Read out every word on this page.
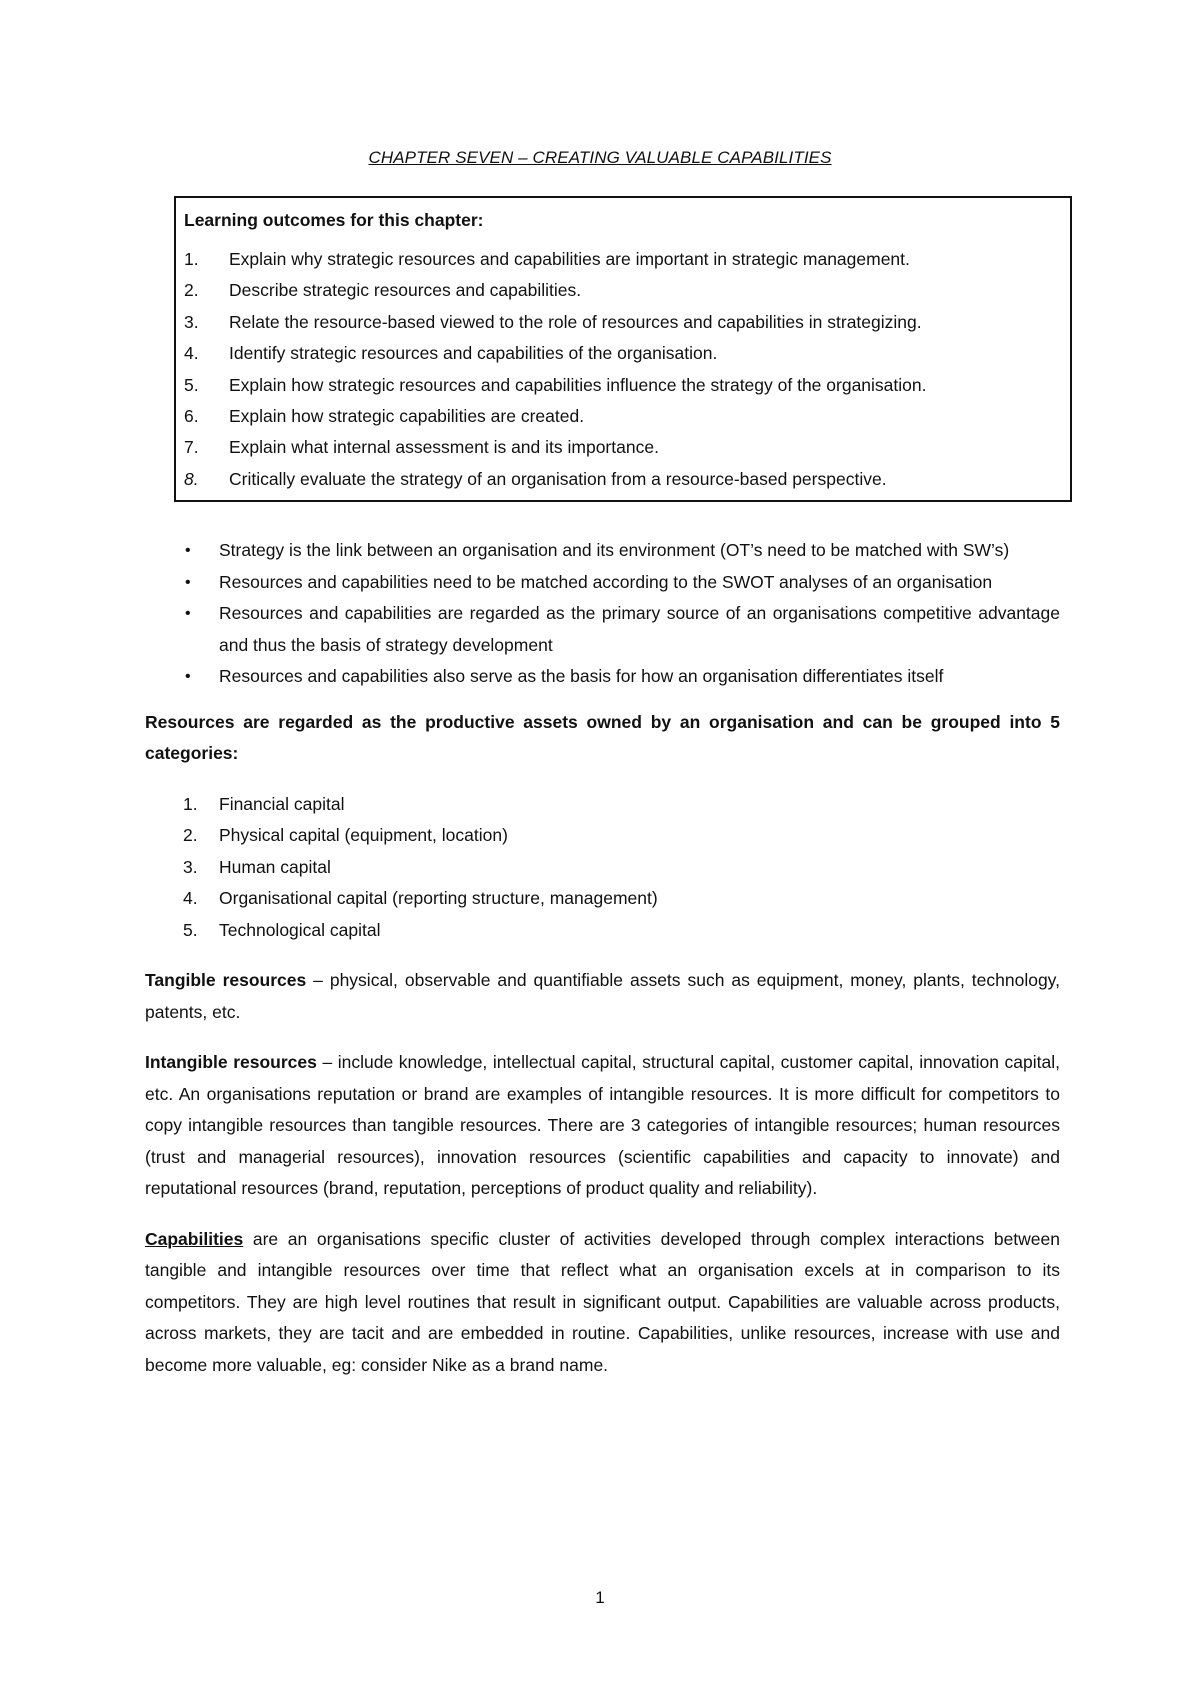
CHAPTER SEVEN – CREATING VALUABLE CAPABILITIES
Learning outcomes for this chapter:
1. Explain why strategic resources and capabilities are important in strategic management.
2. Describe strategic resources and capabilities.
3. Relate the resource-based viewed to the role of resources and capabilities in strategizing.
4. Identify strategic resources and capabilities of the organisation.
5. Explain how strategic resources and capabilities influence the strategy of the organisation.
6. Explain how strategic capabilities are created.
7. Explain what internal assessment is and its importance.
8. Critically evaluate the strategy of an organisation from a resource-based perspective.
• Strategy is the link between an organisation and its environment (OT’s need to be matched with SW’s)
• Resources and capabilities need to be matched according to the SWOT analyses of an organisation
• Resources and capabilities are regarded as the primary source of an organisations competitive advantage and thus the basis of strategy development
• Resources and capabilities also serve as the basis for how an organisation differentiates itself

Resources are regarded as the productive assets owned by an organisation and can be grouped into 5 categories:

1. Financial capital
2. Physical capital (equipment, location)
3. Human capital
4. Organisational capital (reporting structure, management)
5. Technological capital

Tangible resources – physical, observable and quantifiable assets such as equipment, money, plants, technology, patents, etc.

Intangible resources – include knowledge, intellectual capital, structural capital, customer capital, innovation capital, etc. An organisations reputation or brand are examples of intangible resources. It is more difficult for competitors to copy intangible resources than tangible resources. There are 3 categories of intangible resources; human resources (trust and managerial resources), innovation resources (scientific capabilities and capacity to innovate) and reputational resources (brand, reputation, perceptions of product quality and reliability).

Capabilities are an organisations specific cluster of activities developed through complex interactions between tangible and intangible resources over time that reflect what an organisation excels at in comparison to its competitors. They are high level routines that result in significant output. Capabilities are valuable across products, across markets, they are tacit and are embedded in routine. Capabilities, unlike resources, increase with use and become more valuable, eg: consider Nike as a brand name.

1
